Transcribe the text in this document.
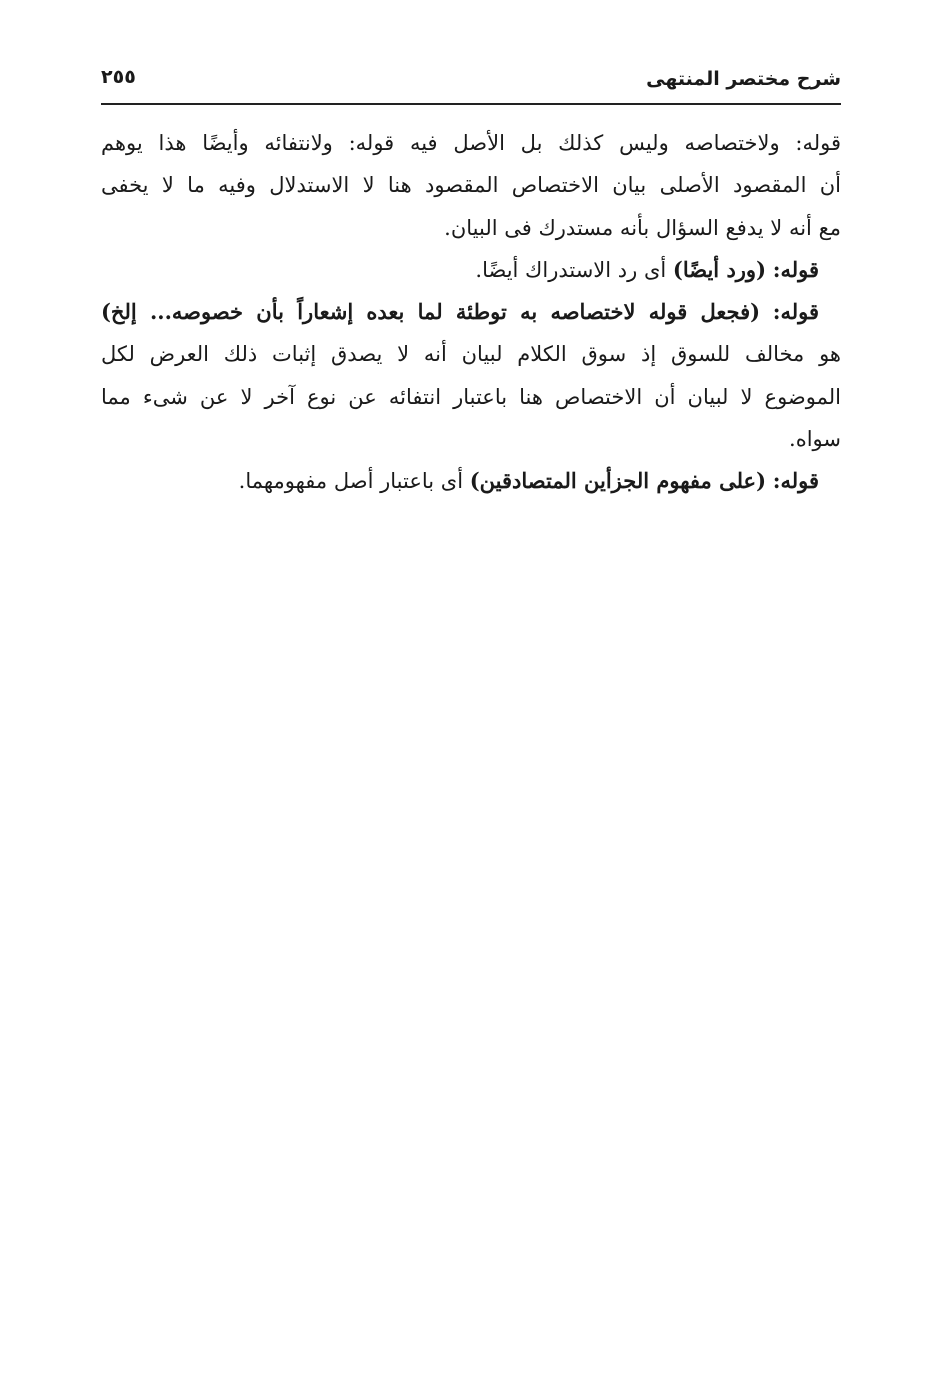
شرح مختصر المنتهى
٢٥٥

قوله: ولاختصاصه وليس كذلك بل الأصل فيه قوله: ولانتفائه وأيضًا هذا يوهم
أن المقصود الأصلى بيان الاختصاص المقصود هنا لا الاستدلال وفيه ما لا يخفى
مع أنه لا يدفع السؤال بأنه مستدرك فى البيان.

قوله: (ورد أيضًا) أى رد الاستدراك أيضًا.

قوله: (فجعل قوله لاختصاصه به توطئة لما بعده إشعاراً بأن خصوصه... إلخ)
هو مخالف للسوق إذ سوق الكلام لبيان أنه لا يصدق إثبات ذلك العرض لكل
الموضوع لا لبيان أن الاختصاص هنا باعتبار انتفائه عن نوع آخر لا عن شىء مما
سواه.

قوله: (على مفهوم الجزأين المتصادقين) أى باعتبار أصل مفهومهما.
